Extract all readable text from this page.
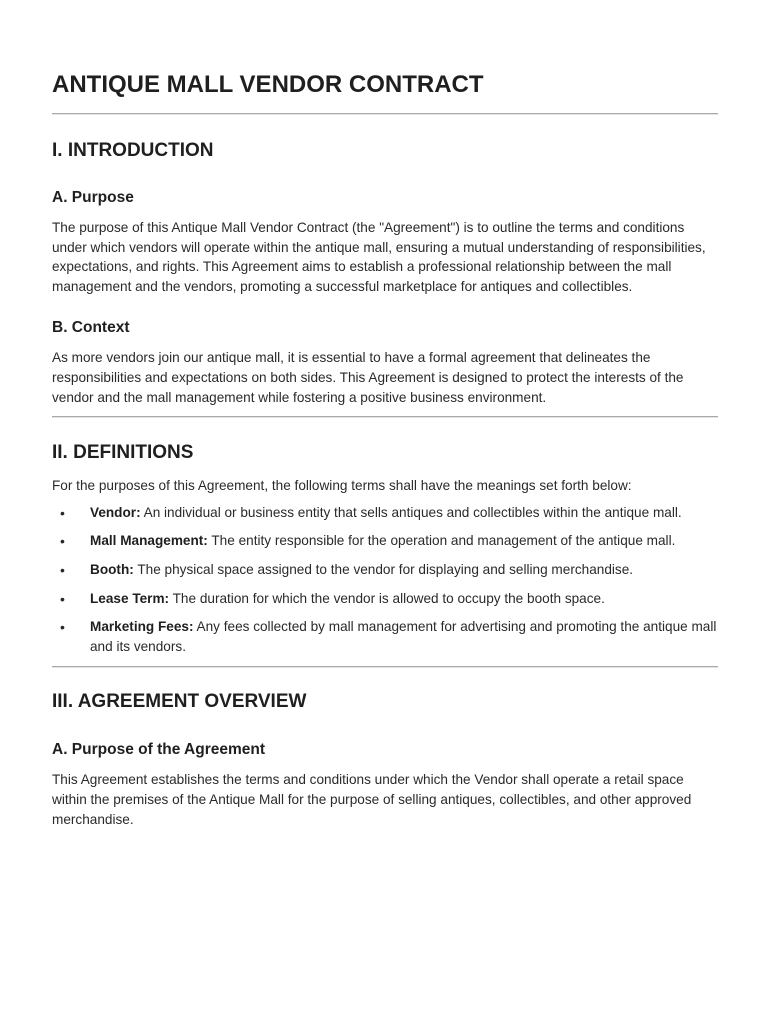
ANTIQUE MALL VENDOR CONTRACT
I. INTRODUCTION
A. Purpose

The purpose of this Antique Mall Vendor Contract (the "Agreement") is to outline the terms and conditions under which vendors will operate within the antique mall, ensuring a mutual understanding of responsibilities, expectations, and rights. This Agreement aims to establish a professional relationship between the mall management and the vendors, promoting a successful marketplace for antiques and collectibles.

B. Context

As more vendors join our antique mall, it is essential to have a formal agreement that delineates the responsibilities and expectations on both sides. This Agreement is designed to protect the interests of the vendor and the mall management while fostering a positive business environment.

II. DEFINITIONS

For the purposes of this Agreement, the following terms shall have the meanings set forth below:

• Vendor: An individual or business entity that sells antiques and collectibles within the antique mall.
• Mall Management: The entity responsible for the operation and management of the antique mall.
• Booth: The physical space assigned to the vendor for displaying and selling merchandise.
• Lease Term: The duration for which the vendor is allowed to occupy the booth space.
• Marketing Fees: Any fees collected by mall management for advertising and promoting the antique mall and its vendors.
III. AGREEMENT OVERVIEW
A. Purpose of the Agreement

This Agreement establishes the terms and conditions under which the Vendor shall operate a retail space within the premises of the Antique Mall for the purpose of selling antiques, collectibles, and other approved merchandise.
